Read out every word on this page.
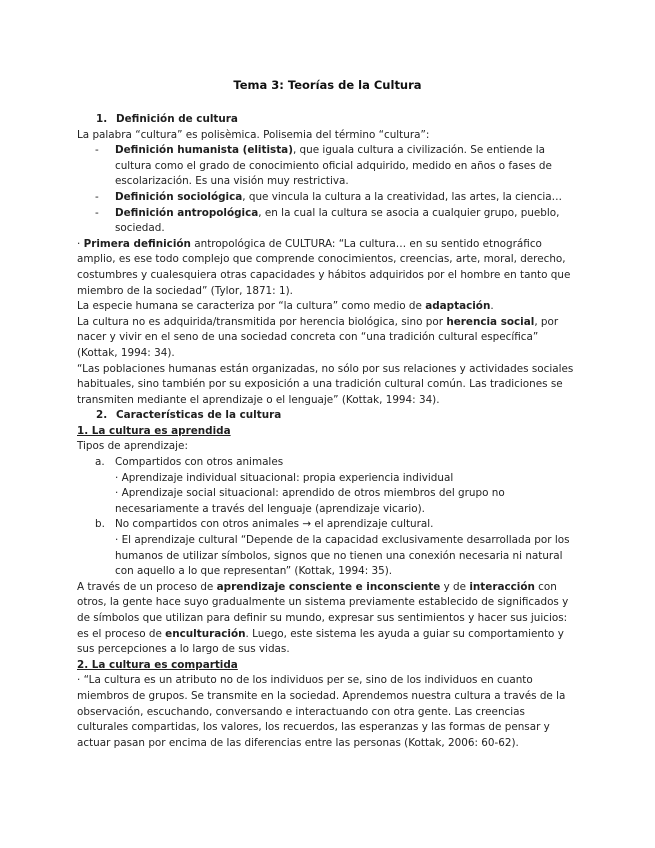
Tema 3: Teorías de la Cultura

1. Definición de cultura

La palabra “cultura” es polisèmica. Polisemia del término “cultura”:

- Definición humanista (elitista), que iguala cultura a civilización. Se entiende la cultura como el grado de conocimiento oficial adquirido, medido en años o fases de escolarización. Es una visión muy restrictiva.

- Definición sociológica, que vincula la cultura a la creatividad, las artes, la ciencia…

- Definición antropológica, en la cual la cultura se asocia a cualquier grupo, pueblo, sociedad.

· Primera definición antropológica de CULTURA: “La cultura… en su sentido etnográfico amplio, es ese todo complejo que comprende conocimientos, creencias, arte, moral, derecho, costumbres y cualesquiera otras capacidades y hábitos adquiridos por el hombre en tanto que miembro de la sociedad” (Tylor, 1871: 1).

La especie humana se caracteriza por “la cultura” como medio de adaptación.

La cultura no es adquirida/transmitida por herencia biológica, sino por herencia social, por nacer y vivir en el seno de una sociedad concreta con “una tradición cultural específica” (Kottak, 1994: 34).

“Las poblaciones humanas están organizadas, no sólo por sus relaciones y actividades sociales habituales, sino también por su exposición a una tradición cultural común. Las tradiciones se transmiten mediante el aprendizaje o el lenguaje” (Kottak, 1994: 34).

2. Características de la cultura

1. La cultura es aprendida

Tipos de aprendizaje:

a. Compartidos con otros animales

· Aprendizaje individual situacional: propia experiencia individual

· Aprendizaje social situacional: aprendido de otros miembros del grupo no necesariamente a través del lenguaje (aprendizaje vicario).

b. No compartidos con otros animales → el aprendizaje cultural.

· El aprendizaje cultural “Depende de la capacidad exclusivamente desarrollada por los humanos de utilizar símbolos, signos que no tienen una conexión necesaria ni natural con aquello a lo que representan” (Kottak, 1994: 35).

A través de un proceso de aprendizaje consciente e inconsciente y de interacción con otros, la gente hace suyo gradualmente un sistema previamente establecido de significados y de símbolos que utilizan para definir su mundo, expresar sus sentimientos y hacer sus juicios: es el proceso de enculturación. Luego, este sistema les ayuda a guiar su comportamiento y sus percepciones a lo largo de sus vidas.

2. La cultura es compartida

· “La cultura es un atributo no de los individuos per se, sino de los individuos en cuanto miembros de grupos. Se transmite en la sociedad. Aprendemos nuestra cultura a través de la observación, escuchando, conversando e interactuando con otra gente. Las creencias culturales compartidas, los valores, los recuerdos, las esperanzas y las formas de pensar y actuar pasan por encima de las diferencias entre las personas (Kottak, 2006: 60-62).
